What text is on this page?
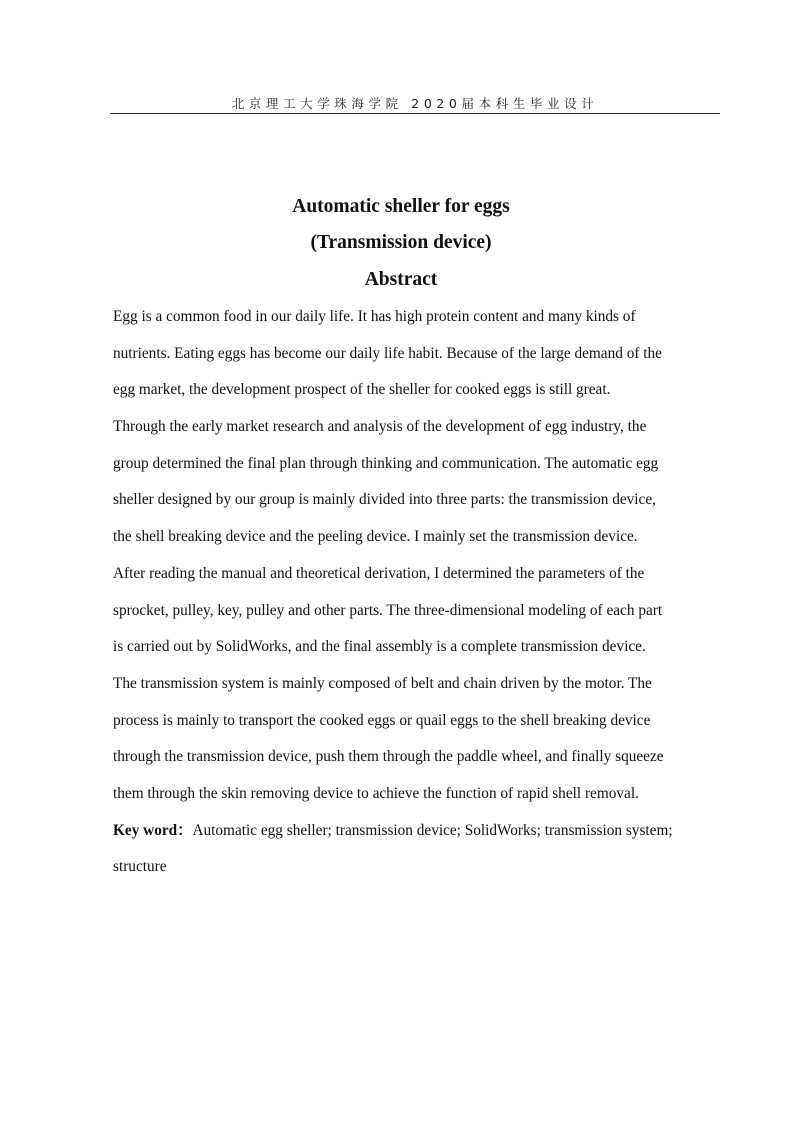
北京理工大学珠海学院 2020届本科生毕业设计
Automatic sheller for eggs
(Transmission device)
Abstract
Egg is a common food in our daily life. It has high protein content and many kinds of
nutrients. Eating eggs has become our daily life habit. Because of the large demand of the
egg market, the development prospect of the sheller for cooked eggs is still great.
Through the early market research and analysis of the development of egg industry, the
group determined the final plan through thinking and communication. The automatic egg
sheller designed by our group is mainly divided into three parts: the transmission device,
the shell breaking device and the peeling device. I mainly set the transmission device.
After reading the manual and theoretical derivation, I determined the parameters of the
sprocket, pulley, key, pulley and other parts. The three-dimensional modeling of each part
is carried out by SolidWorks, and the final assembly is a complete transmission device.
The transmission system is mainly composed of belt and chain driven by the motor. The
process is mainly to transport the cooked eggs or quail eggs to the shell breaking device
through the transmission device, push them through the paddle wheel, and finally squeeze
them through the skin removing device to achieve the function of rapid shell removal.
Key word：Automatic egg sheller; transmission device; SolidWorks; transmission system;
structure
